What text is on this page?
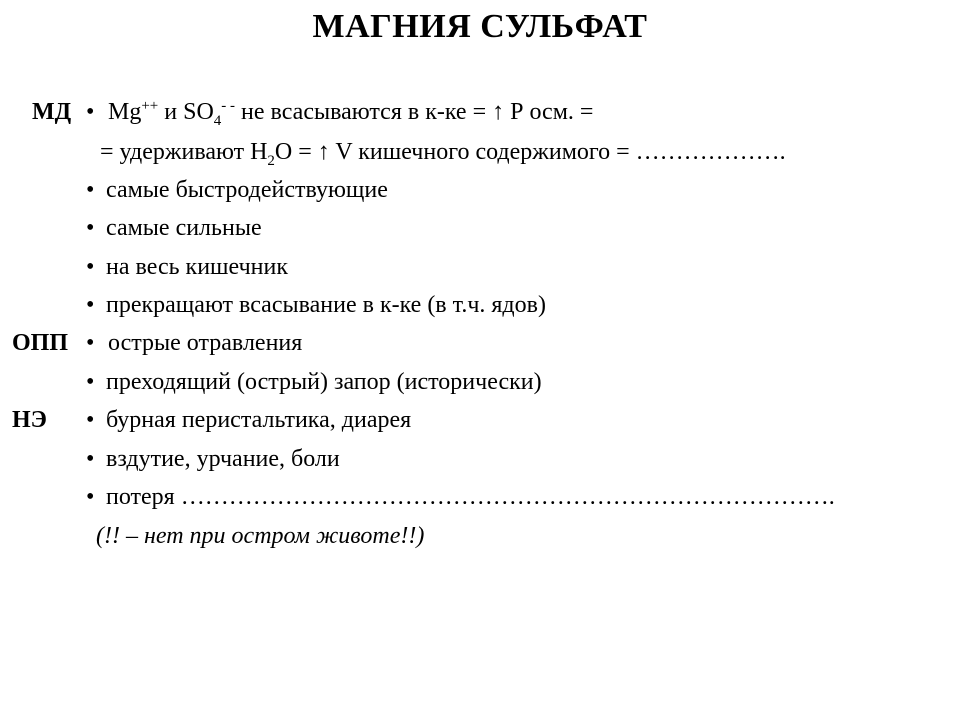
МАГНИЯ СУЛЬФАТ
МД • Mg++ и $SO_4^{- -}$ не всасываются в к-ке = ↑ Р осм. =
= удерживают $H_2O$ = ↑ V кишечного содержимого = ……………….
• самые быстродействующие
• самые сильные
• на весь кишечник
• прекращают всасывание в к-ке (в т.ч. ядов)
ОПП • острые отравления
• преходящий (острый) запор (исторически)
НЭ • бурная перистальтика, диарея
• вздутие, урчание, боли
• потеря ……………………………………………………………………….
(!! – нет при остром животе!!)
